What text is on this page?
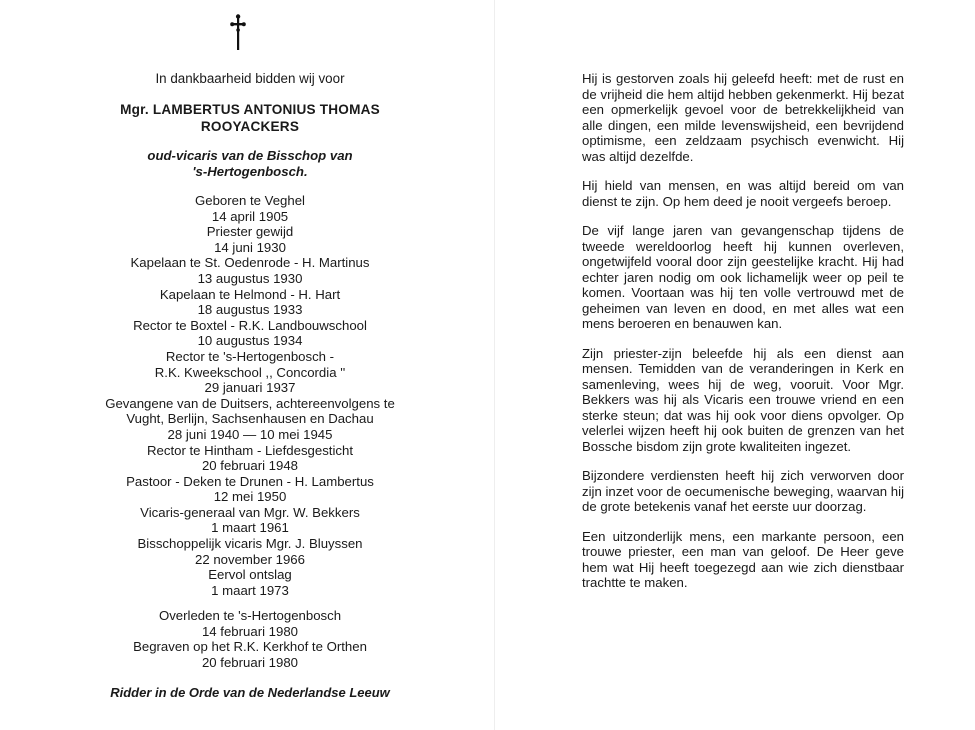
In dankbaarheid bidden wij voor
Mgr. LAMBERTUS ANTONIUS THOMAS
ROOYACKERS
oud-vicaris van de Bisschop van
's-Hertogenbosch.
Geboren te Veghel
14 april 1905
Priester gewijd
14 juni 1930
Kapelaan te St. Oedenrode - H. Martinus
13 augustus 1930
Kapelaan te Helmond - H. Hart
18 augustus 1933
Rector te Boxtel - R.K. Landbouwschool
10 augustus 1934
Rector te 's-Hertogenbosch -
R.K. Kweekschool ,, Concordia ''
29 januari 1937
Gevangene van de Duitsers, achtereenvolgens te
Vught, Berlijn, Sachsenhausen en Dachau
28 juni 1940 — 10 mei 1945
Rector te Hintham - Liefdesgesticht
20 februari 1948
Pastoor - Deken te Drunen - H. Lambertus
12 mei 1950
Vicaris-generaal van Mgr. W. Bekkers
1 maart 1961
Bisschoppelijk vicaris Mgr. J. Bluyssen
22 november 1966
Eervol ontslag
1 maart 1973
Overleden te 's-Hertogenbosch
14 februari 1980
Begraven op het R.K. Kerkhof te Orthen
20 februari 1980
Ridder in de Orde van de Nederlandse Leeuw

Hij is gestorven zoals hij geleefd heeft: met de rust en de vrijheid die hem altijd hebben gekenmerkt. Hij bezat een opmerkelijk gevoel voor de betrekkelijkheid van alle dingen, een milde levenswijsheid, een bevrijdend optimisme, een zeldzaam psychisch evenwicht. Hij was altijd dezelfde.

Hij hield van mensen, en was altijd bereid om van dienst te zijn. Op hem deed je nooit vergeefs beroep.

De vijf lange jaren van gevangenschap tijdens de tweede wereldoorlog heeft hij kunnen overleven, ongetwijfeld vooral door zijn geestelijke kracht. Hij had echter jaren nodig om ook lichamelijk weer op peil te komen. Voortaan was hij ten volle vertrouwd met de geheimen van leven en dood, en met alles wat een mens beroeren en benauwen kan.

Zijn priester-zijn beleefde hij als een dienst aan mensen. Temidden van de veranderingen in Kerk en samenleving, wees hij de weg, vooruit. Voor Mgr. Bekkers was hij als Vicaris een trouwe vriend en een sterke steun; dat was hij ook voor diens opvolger. Op velerlei wijzen heeft hij ook buiten de grenzen van het Bossche bisdom zijn grote kwaliteiten ingezet.

Bijzondere verdiensten heeft hij zich verworven door zijn inzet voor de oecumenische beweging, waarvan hij de grote betekenis vanaf het eerste uur doorzag.

Een uitzonderlijk mens, een markante persoon, een trouwe priester, een man van geloof. De Heer geve hem wat Hij heeft toegezegd aan wie zich dienstbaar trachtte te maken.
